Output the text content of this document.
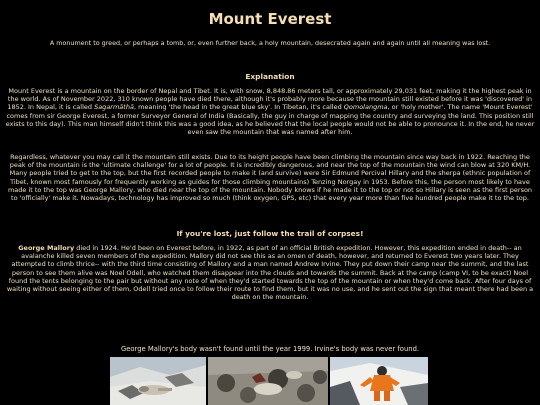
Mount Everest
A monument to greed, or perhaps a tomb, or, even further back, a holy mountain, desecrated again and again until all meaning was lost.
Explanation
Mount Everest is a mountain on the border of Nepal and Tibet. It is, with snow, 8,848.86 meters tall, or approximately 29,031 feet, making it the highest peak in the world. As of November 2022, 310 known people have died there, although it's probably more because the mountain still existed before it was 'discovered' in 1852. In Nepal, it is called Sagarmāthā, meaning 'the head in the great blue sky'. In Tibetan, it's called Qomolangma, or 'holy mother'. The name 'Mount Everest' comes from sir George Everest, a former Surveyor General of India (Basically, the guy in charge of mapping the country and surveying the land. This position still exists to this day). This man himself didn't think this was a good idea, as he believed that the local people would not be able to pronounce it. In the end, he never even saw the mountain that was named after him.
Regardless, whatever you may call it the mountain still exists. Due to its height people have been climbing the mountain since way back in 1922. Reaching the peak of the mountain is the 'ultimate challenge' for a lot of people. It is incredibly dangerous, and near the top of the mountain the wind can blow at 320 KM/H. Many people tried to get to the top, but the first recorded people to make it (and survive) were Sir Edmund Percival Hillary and the sherpa (ethnic population of Tibet, known most famously for frequently working as guides for those climbing mountains) Tenzing Norgay in 1953. Before this, the person most likely to have made it to the top was George Mallory, who died near the top of the mountain. Nobody knows if he made it to the top or not so Hillary is seen as the first person to 'officially' make it. Nowadays, technology has improved so much (think oxygen, GPS, etc) that every year more than five hundred people make it to the top.
If you're lost, just follow the trail of corpses!
George Mallory died in 1924. He'd been on Everest before, in 1922, as part of an official British expedition. However, this expedition ended in death-- an avalanche killed seven members of the expedition. Mallory did not see this as an omen of death, however, and returned to Everest two years later. They attempted to climb thrice-- with the third time consisting of Mallory and a man named Andrew Irvine. They put down their camp near the summit, and the last person to see them alive was Noel Odell, who watched them disappear into the clouds and towards the summit. Back at the camp (camp VI, to be exact) Noel found the tents belonging to the pair but without any note of when they'd started towards the top of the mountain or when they'd come back. After four days of waiting without seeing either of them, Odell tried once to follow their route to find them, but it was no use, and he sent out the sign that meant there had been a death on the mountain.
George Mallory's body wasn't found until the year 1999. Irvine's body was never found.
